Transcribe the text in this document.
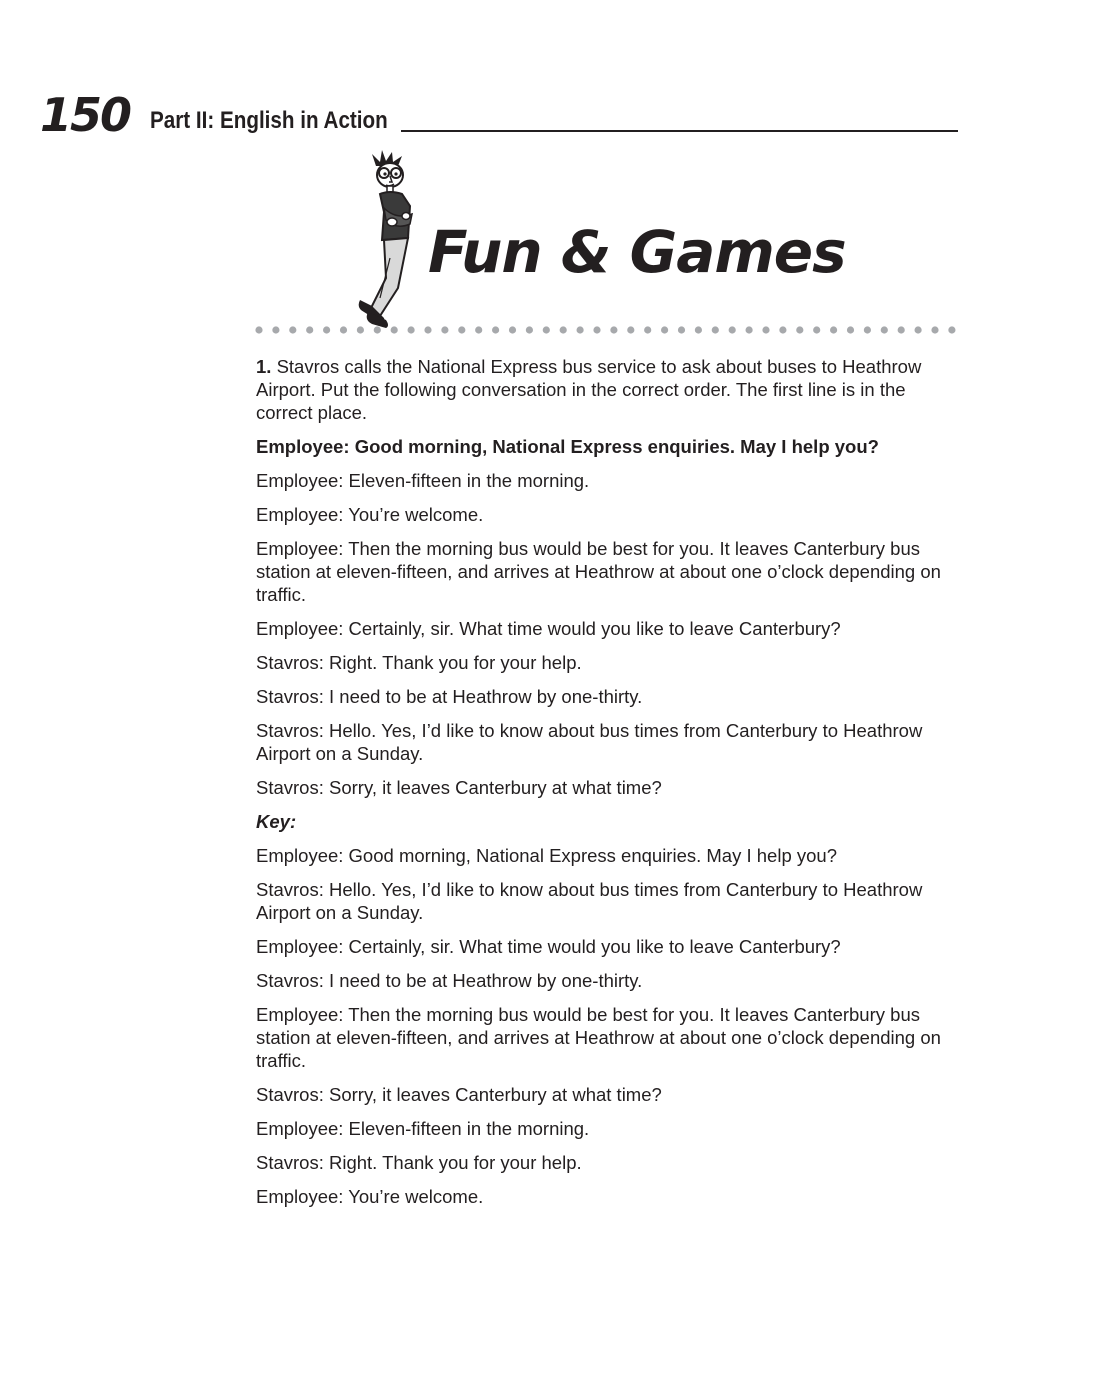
150 Part II: English in Action
Fun & Games

1. Stavros calls the National Express bus service to ask about buses to Heathrow Airport. Put the following conversation in the correct order. The first line is in the correct place.

Employee: Good morning, National Express enquiries. May I help you?

Employee: Eleven-fifteen in the morning.

Employee: You’re welcome.

Employee: Then the morning bus would be best for you. It leaves Canterbury bus station at eleven-fifteen, and arrives at Heathrow at about one o’clock depending on traffic.

Employee: Certainly, sir. What time would you like to leave Canterbury?

Stavros: Right. Thank you for your help.

Stavros: I need to be at Heathrow by one-thirty.

Stavros: Hello. Yes, I’d like to know about bus times from Canterbury to Heathrow Airport on a Sunday.

Stavros: Sorry, it leaves Canterbury at what time?

Key:

Employee: Good morning, National Express enquiries. May I help you?

Stavros: Hello. Yes, I’d like to know about bus times from Canterbury to Heathrow Airport on a Sunday.

Employee: Certainly, sir. What time would you like to leave Canterbury?

Stavros: I need to be at Heathrow by one-thirty.

Employee: Then the morning bus would be best for you. It leaves Canterbury bus station at eleven-fifteen, and arrives at Heathrow at about one o’clock depending on traffic.

Stavros: Sorry, it leaves Canterbury at what time?

Employee: Eleven-fifteen in the morning.

Stavros: Right. Thank you for your help.

Employee: You’re welcome.
